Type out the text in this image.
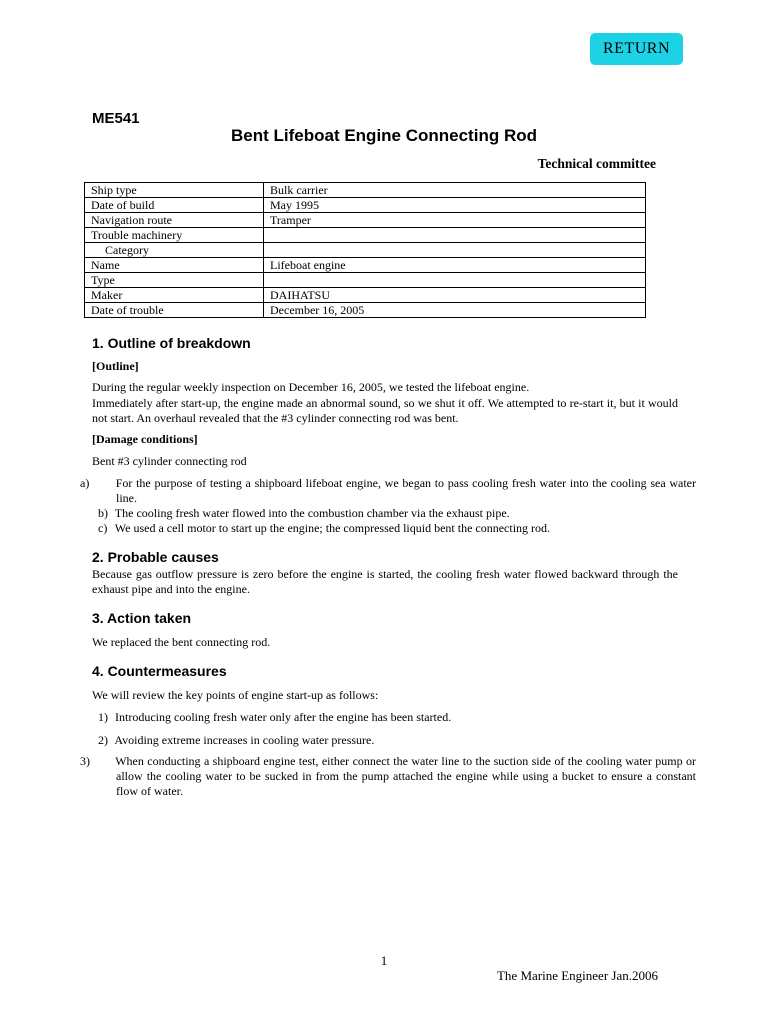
RETURN
ME541
Bent Lifeboat Engine Connecting Rod
Technical committee
Ship type	Bulk carrier
Date of build	May 1995
Navigation route	Tramper
Trouble machinery	
Category	
Name	Lifeboat engine
Type	
Maker	DAIHATSU
Date of trouble	December 16, 2005
1. Outline of breakdown
[Outline]
During the regular weekly inspection on December 16, 2005, we tested the lifeboat engine.
Immediately after start-up, the engine made an abnormal sound, so we shut it off. We attempted to re-start it, but it would not start. An overhaul revealed that the #3 cylinder connecting rod was bent.
[Damage conditions]
Bent #3 cylinder connecting rod
a) For the purpose of testing a shipboard lifeboat engine, we began to pass cooling fresh water into the cooling sea water line.
b) The cooling fresh water flowed into the combustion chamber via the exhaust pipe.
c) We used a cell motor to start up the engine; the compressed liquid bent the connecting rod.
2. Probable causes
Because gas outflow pressure is zero before the engine is started, the cooling fresh water flowed backward through the exhaust pipe and into the engine.
3. Action taken
We replaced the bent connecting rod.
4. Countermeasures
We will review the key points of engine start-up as follows:
1) Introducing cooling fresh water only after the engine has been started.
2) Avoiding extreme increases in cooling water pressure.
3) When conducting a shipboard engine test, either connect the water line to the suction side of the cooling water pump or allow the cooling water to be sucked in from the pump attached the engine while using a bucket to ensure a constant flow of water.
1
The Marine Engineer Jan.2006
